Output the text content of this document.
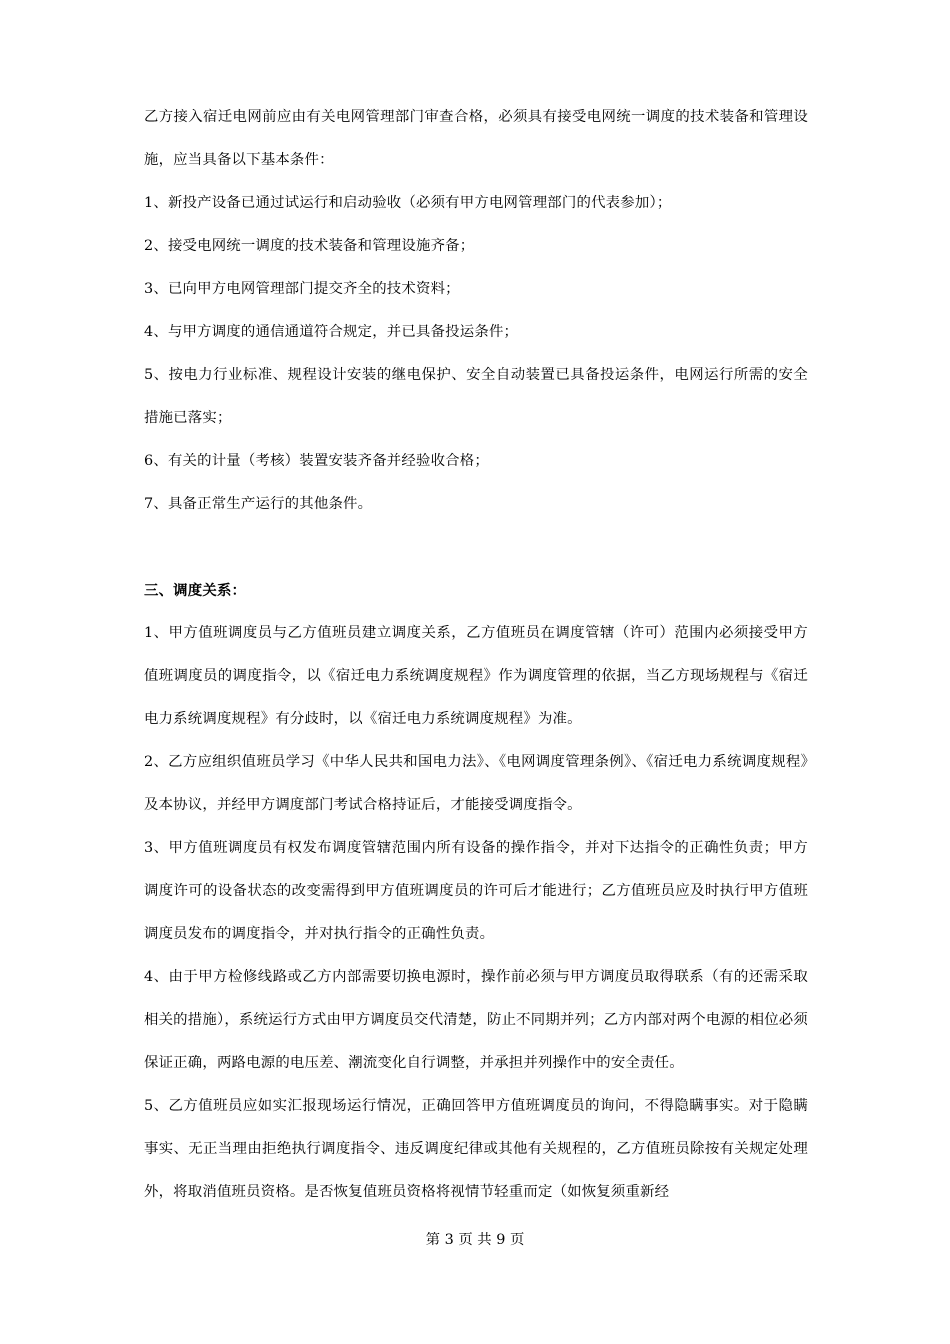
乙方接入宿迁电网前应由有关电网管理部门审查合格，必须具有接受电网统一调度的技术装备和管理设施，应当具备以下基本条件：

1、新投产设备已通过试运行和启动验收（必须有甲方电网管理部门的代表参加）；

2、接受电网统一调度的技术装备和管理设施齐备；

3、已向甲方电网管理部门提交齐全的技术资料；

4、与甲方调度的通信通道符合规定，并已具备投运条件；

5、按电力行业标准、规程设计安装的继电保护、安全自动装置已具备投运条件，电网运行所需的安全措施已落实；

6、有关的计量（考核）装置安装齐备并经验收合格；

7、具备正常生产运行的其他条件。

三、调度关系：

1、甲方值班调度员与乙方值班员建立调度关系，乙方值班员在调度管辖（许可）范围内必须接受甲方值班调度员的调度指令，以《宿迁电力系统调度规程》作为调度管理的依据，当乙方现场规程与《宿迁电力系统调度规程》有分歧时，以《宿迁电力系统调度规程》为准。

2、乙方应组织值班员学习《中华人民共和国电力法》、《电网调度管理条例》、《宿迁电力系统调度规程》及本协议，并经甲方调度部门考试合格持证后，才能接受调度指令。

3、甲方值班调度员有权发布调度管辖范围内所有设备的操作指令，并对下达指令的正确性负责；甲方调度许可的设备状态的改变需得到甲方值班调度员的许可后才能进行；乙方值班员应及时执行甲方值班调度员发布的调度指令，并对执行指令的正确性负责。

4、由于甲方检修线路或乙方内部需要切换电源时，操作前必须与甲方调度员取得联系（有的还需采取相关的措施），系统运行方式由甲方调度员交代清楚，防止不同期并列；乙方内部对两个电源的相位必须保证正确，两路电源的电压差、潮流变化自行调整，并承担并列操作中的安全责任。

5、乙方值班员应如实汇报现场运行情况，正确回答甲方值班调度员的询问，不得隐瞒事实。对于隐瞒事实、无正当理由拒绝执行调度指令、违反调度纪律或其他有关规程的，乙方值班员除按有关规定处理外，将取消值班员资格。是否恢复值班员资格将视情节轻重而定（如恢复须重新经

第 3 页 共 9 页
